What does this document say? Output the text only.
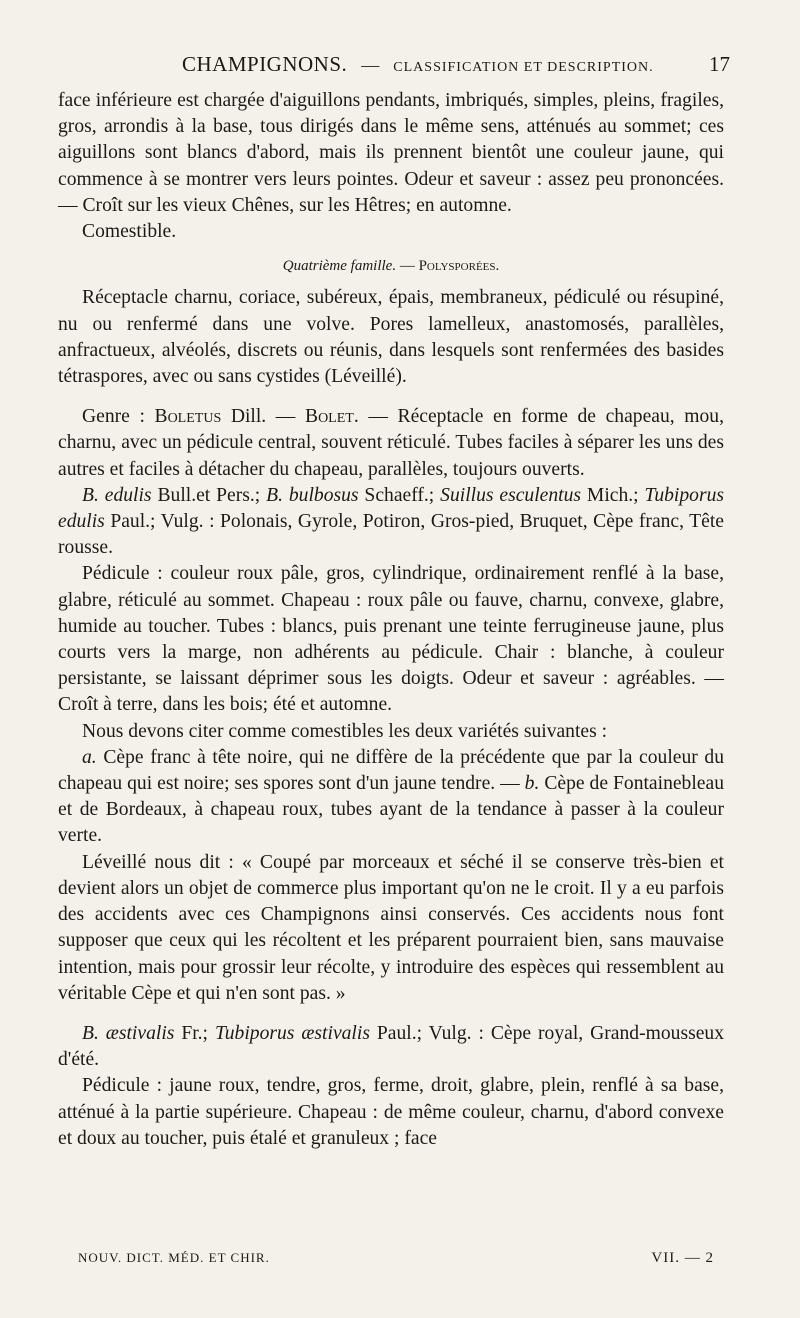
CHAMPIGNONS. — CLASSIFICATION ET DESCRIPTION.	17

face inférieure est chargée d'aiguillons pendants, imbriqués, simples, pleins, fragiles, gros, arrondis à la base, tous dirigés dans le même sens, atténués au sommet; ces aiguillons sont blancs d'abord, mais ils prennent bientôt une couleur jaune, qui commence à se montrer vers leurs pointes. Odeur et saveur : assez peu prononcées. — Croît sur les vieux Chênes, sur les Hêtres; en automne.

Comestible.

Quatrième famille. — Polysporées.

Réceptacle charnu, coriace, subéreux, épais, membraneux, pédiculé ou résupiné, nu ou renfermé dans une volve. Pores lamelleux, anastomosés, parallèles, anfractueux, alvéolés, discrets ou réunis, dans lesquels sont renfermées des basides tétraspores, avec ou sans cystides (Léveillé).

Genre : Boletus Dill. — Bolet. — Réceptacle en forme de chapeau, mou, charnu, avec un pédicule central, souvent réticulé. Tubes faciles à séparer les uns des autres et faciles à détacher du chapeau, parallèles, toujours ouverts.

B. edulis Bull.et Pers.; B. bulbosus Schaeff.; Suillus esculentus Mich.; Tubiporus edulis Paul.; Vulg. : Polonais, Gyrole, Potiron, Gros-pied, Bruquet, Cèpe franc, Tête rousse.

Pédicule : couleur roux pâle, gros, cylindrique, ordinairement renflé à la base, glabre, réticulé au sommet. Chapeau : roux pâle ou fauve, charnu, convexe, glabre, humide au toucher. Tubes : blancs, puis prenant une teinte ferrugineuse jaune, plus courts vers la marge, non adhérents au pédicule. Chair : blanche, à couleur persistante, se laissant déprimer sous les doigts. Odeur et saveur : agréables. — Croît à terre, dans les bois; été et automne.

Nous devons citer comme comestibles les deux variétés suivantes :

a. Cèpe franc à tête noire, qui ne diffère de la précédente que par la couleur du chapeau qui est noire; ses spores sont d'un jaune tendre. — b. Cèpe de Fontainebleau et de Bordeaux, à chapeau roux, tubes ayant de la tendance à passer à la couleur verte.

Léveillé nous dit : « Coupé par morceaux et séché il se conserve très-bien et devient alors un objet de commerce plus important qu'on ne le croit. Il y a eu parfois des accidents avec ces Champignons ainsi conservés. Ces accidents nous font supposer que ceux qui les récoltent et les préparent pourraient bien, sans mauvaise intention, mais pour grossir leur récolte, y introduire des espèces qui ressemblent au véritable Cèpe et qui n'en sont pas. »

B. æstivalis Fr.; Tubiporus æstivalis Paul.; Vulg. : Cèpe royal, Grand-mousseux d'été.

Pédicule : jaune roux, tendre, gros, ferme, droit, glabre, plein, renflé à sa base, atténué à la partie supérieure. Chapeau : de même couleur, charnu, d'abord convexe et doux au toucher, puis étalé et granuleux ; face

NOUV. DICT. MÉD. ET CHIR.	VII. — 2
